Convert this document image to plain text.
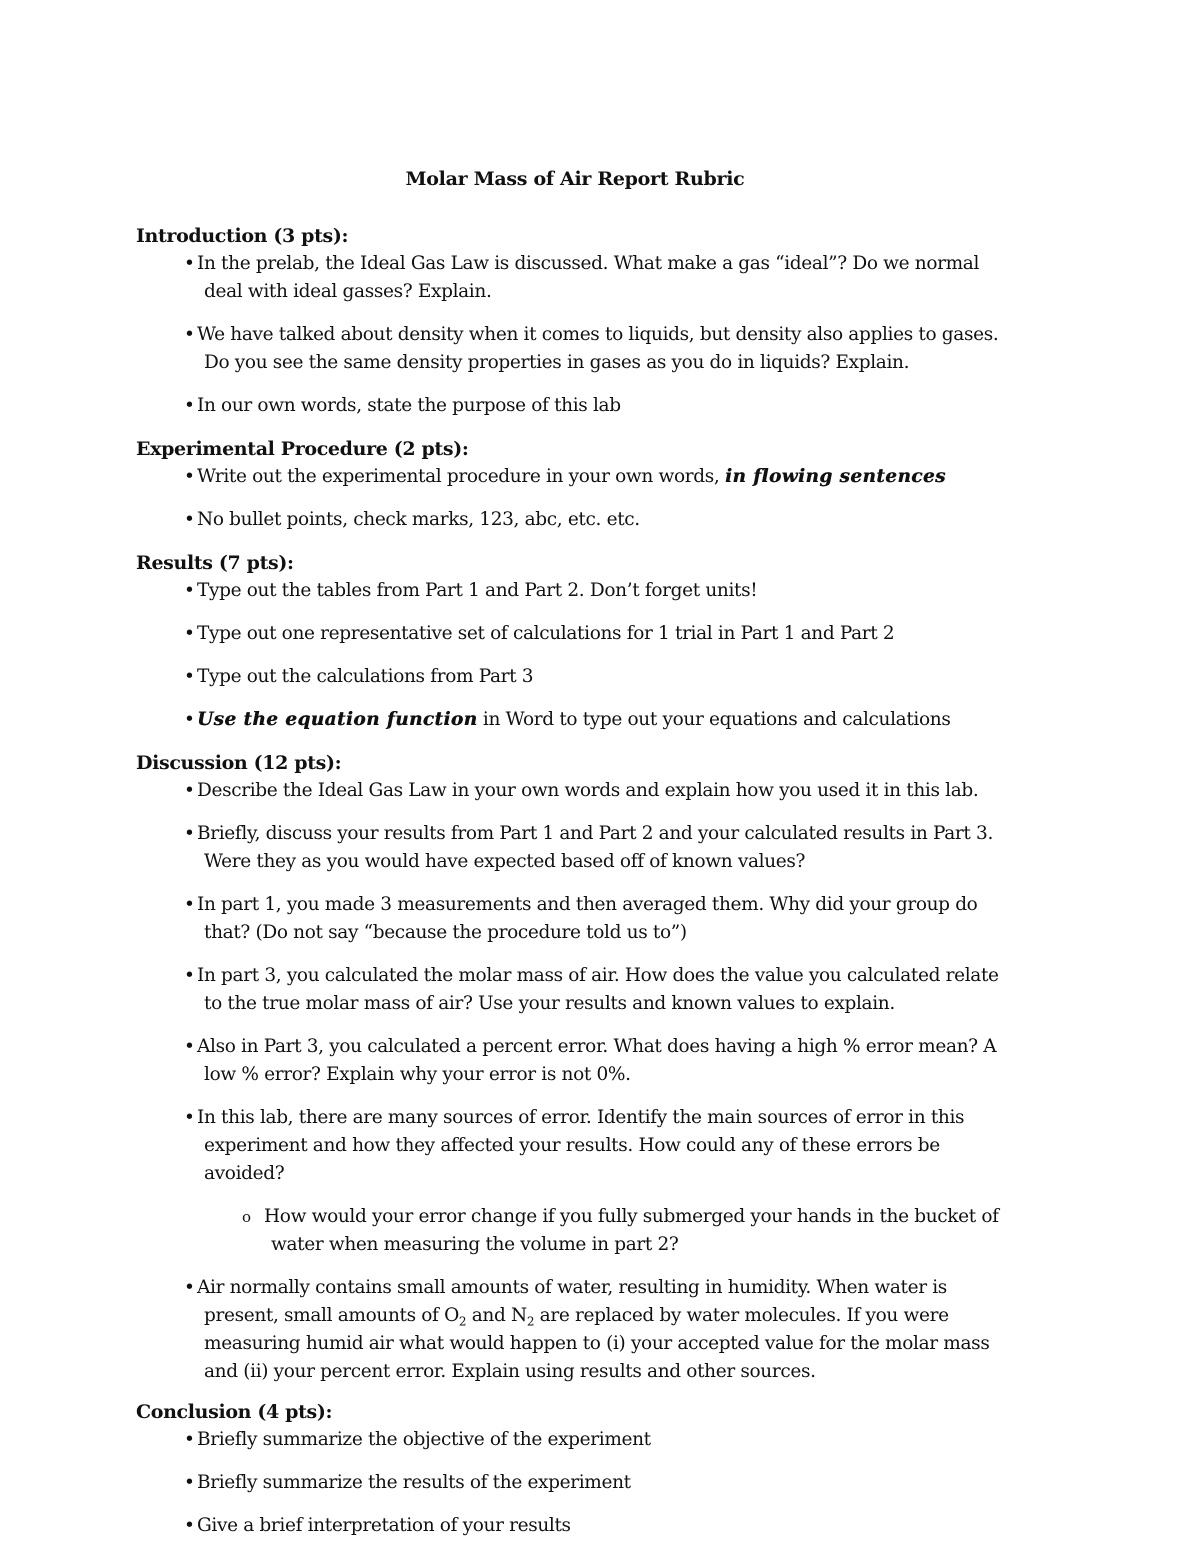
Molar Mass of Air Report Rubric

Introduction (3 pts):

• In the prelab, the Ideal Gas Law is discussed. What make a gas “ideal”? Do we normal deal with ideal gasses? Explain.

• We have talked about density when it comes to liquids, but density also applies to gases. Do you see the same density properties in gases as you do in liquids? Explain.

• In our own words, state the purpose of this lab

Experimental Procedure (2 pts):

• Write out the experimental procedure in your own words, in flowing sentences

• No bullet points, check marks, 123, abc, etc. etc.

Results (7 pts):

• Type out the tables from Part 1 and Part 2. Don’t forget units!

• Type out one representative set of calculations for 1 trial in Part 1 and Part 2

• Type out the calculations from Part 3

• Use the equation function in Word to type out your equations and calculations

Discussion (12 pts):

• Describe the Ideal Gas Law in your own words and explain how you used it in this lab.

• Briefly, discuss your results from Part 1 and Part 2 and your calculated results in Part 3. Were they as you would have expected based off of known values?

• In part 1, you made 3 measurements and then averaged them. Why did your group do that? (Do not say “because the procedure told us to”)

• In part 3, you calculated the molar mass of air. How does the value you calculated relate to the true molar mass of air? Use your results and known values to explain.

• Also in Part 3, you calculated a percent error. What does having a high % error mean? A low % error? Explain why your error is not 0%.

• In this lab, there are many sources of error. Identify the main sources of error in this experiment and how they affected your results. How could any of these errors be avoided?

o How would your error change if you fully submerged your hands in the bucket of water when measuring the volume in part 2?

• Air normally contains small amounts of water, resulting in humidity. When water is present, small amounts of $O_2$ and $N_2$ are replaced by water molecules. If you were measuring humid air what would happen to (i) your accepted value for the molar mass and (ii) your percent error. Explain using results and other sources.

Conclusion (4 pts):

• Briefly summarize the objective of the experiment

• Briefly summarize the results of the experiment

• Give a brief interpretation of your results
